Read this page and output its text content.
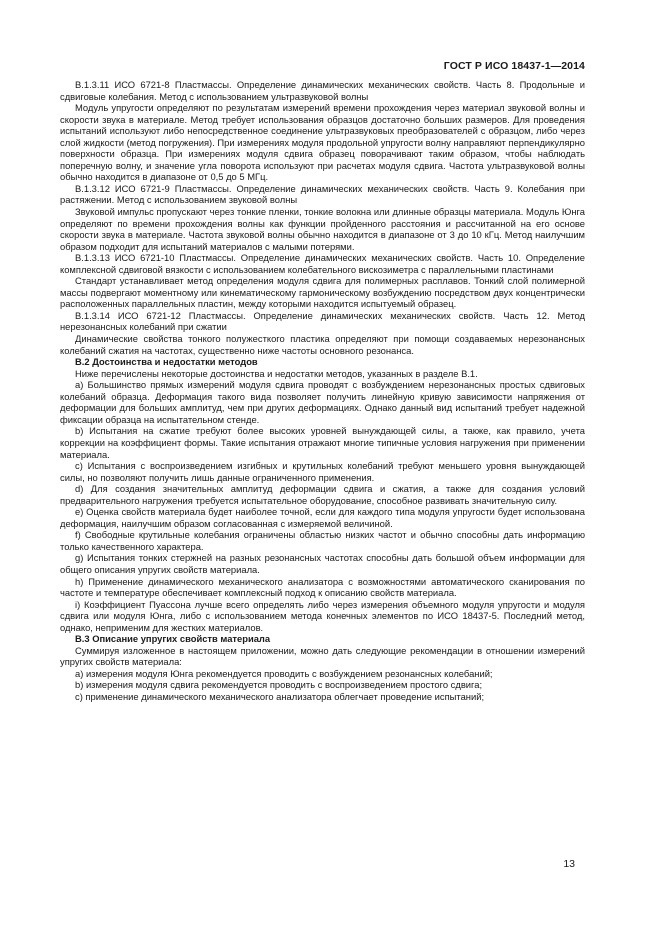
ГОСТ Р ИСО 18437-1—2014

В.1.3.11 ИСО 6721-8 Пластмассы. Определение динамических механических свойств. Часть 8. Продольные и сдвиговые колебания. Метод с использованием ультразвуковой волны

Модуль упругости определяют по результатам измерений времени прохождения через материал звуковой волны и скорости звука в материале. Метод требует использования образцов достаточно больших размеров. Для проведения испытаний используют либо непосредственное соединение ультразвуковых преобразователей с образцом, либо через слой жидкости (метод погружения). При измерениях модуля продольной упругости волну направляют перпендикулярно поверхности образца. При измерениях модуля сдвига образец поворачивают таким образом, чтобы наблюдать поперечную волну, и значение угла поворота используют при расчетах модуля сдвига. Частота ультразвуковой волны обычно находится в диапазоне от 0,5 до 5 МГц.

В.1.3.12 ИСО 6721-9 Пластмассы. Определение динамических механических свойств. Часть 9. Колебания при растяжении. Метод с использованием звуковой волны

Звуковой импульс пропускают через тонкие пленки, тонкие волокна или длинные образцы материала. Модуль Юнга определяют по времени прохождения волны как функции пройденного расстояния и рассчитанной на его основе скорости звука в материале. Частота звуковой волны обычно находится в диапазоне от 3 до 10 кГц. Метод наилучшим образом подходит для испытаний материалов с малыми потерями.

В.1.3.13 ИСО 6721-10 Пластмассы. Определение динамических механических свойств. Часть 10. Определение комплексной сдвиговой вязкости с использованием колебательного вискозиметра с параллельными пластинами

Стандарт устанавливает метод определения модуля сдвига для полимерных расплавов. Тонкий слой полимерной массы подвергают моментному или кинематическому гармоническому возбуждению посредством двух концентрически расположенных параллельных пластин, между которыми находится испытуемый образец.

В.1.3.14 ИСО 6721-12 Пластмассы. Определение динамических механических свойств. Часть 12. Метод нерезонансных колебаний при сжатии

Динамические свойства тонкого полужесткого пластика определяют при помощи создаваемых нерезонансных колебаний сжатия на частотах, существенно ниже частоты основного резонанса.

В.2 Достоинства и недостатки методов

Ниже перечислены некоторые достоинства и недостатки методов, указанных в разделе В.1.

а) Большинство прямых измерений модуля сдвига проводят с возбуждением нерезонансных простых сдвиговых колебаний образца. Деформация такого вида позволяет получить линейную кривую зависимости напряжения от деформации для больших амплитуд, чем при других деформациях. Однако данный вид испытаний требует надежной фиксации образца на испытательном стенде.

b) Испытания на сжатие требуют более высоких уровней вынуждающей силы, а также, как правило, учета коррекции на коэффициент формы. Такие испытания отражают многие типичные условия нагружения при применении материала.

c) Испытания с воспроизведением изгибных и крутильных колебаний требуют меньшего уровня вынуждающей силы, но позволяют получить лишь данные ограниченного применения.

d) Для создания значительных амплитуд деформации сдвига и сжатия, а также для создания условий предварительного нагружения требуется испытательное оборудование, способное развивать значительную силу.

e) Оценка свойств материала будет наиболее точной, если для каждого типа модуля упругости будет использована деформация, наилучшим образом согласованная с измеряемой величиной.

f) Свободные крутильные колебания ограничены областью низких частот и обычно способны дать информацию только качественного характера.

g) Испытания тонких стержней на разных резонансных частотах способны дать большой объем информации для общего описания упругих свойств материала.

h) Применение динамического механического анализатора с возможностями автоматического сканирования по частоте и температуре обеспечивает комплексный подход к описанию свойств материала.

i) Коэффициент Пуассона лучше всего определять либо через измерения объемного модуля упругости и модуля сдвига или модуля Юнга, либо с использованием метода конечных элементов по ИСО 18437-5. Последний метод, однако, неприменим для жестких материалов.

В.3 Описание упругих свойств материала

Суммируя изложенное в настоящем приложении, можно дать следующие рекомендации в отношении измерений упругих свойств материала:

а) измерения модуля Юнга рекомендуется проводить с возбуждением резонансных колебаний;

b) измерения модуля сдвига рекомендуется проводить с воспроизведением простого сдвига;

c) применение динамического механического анализатора облегчает проведение испытаний;

13
